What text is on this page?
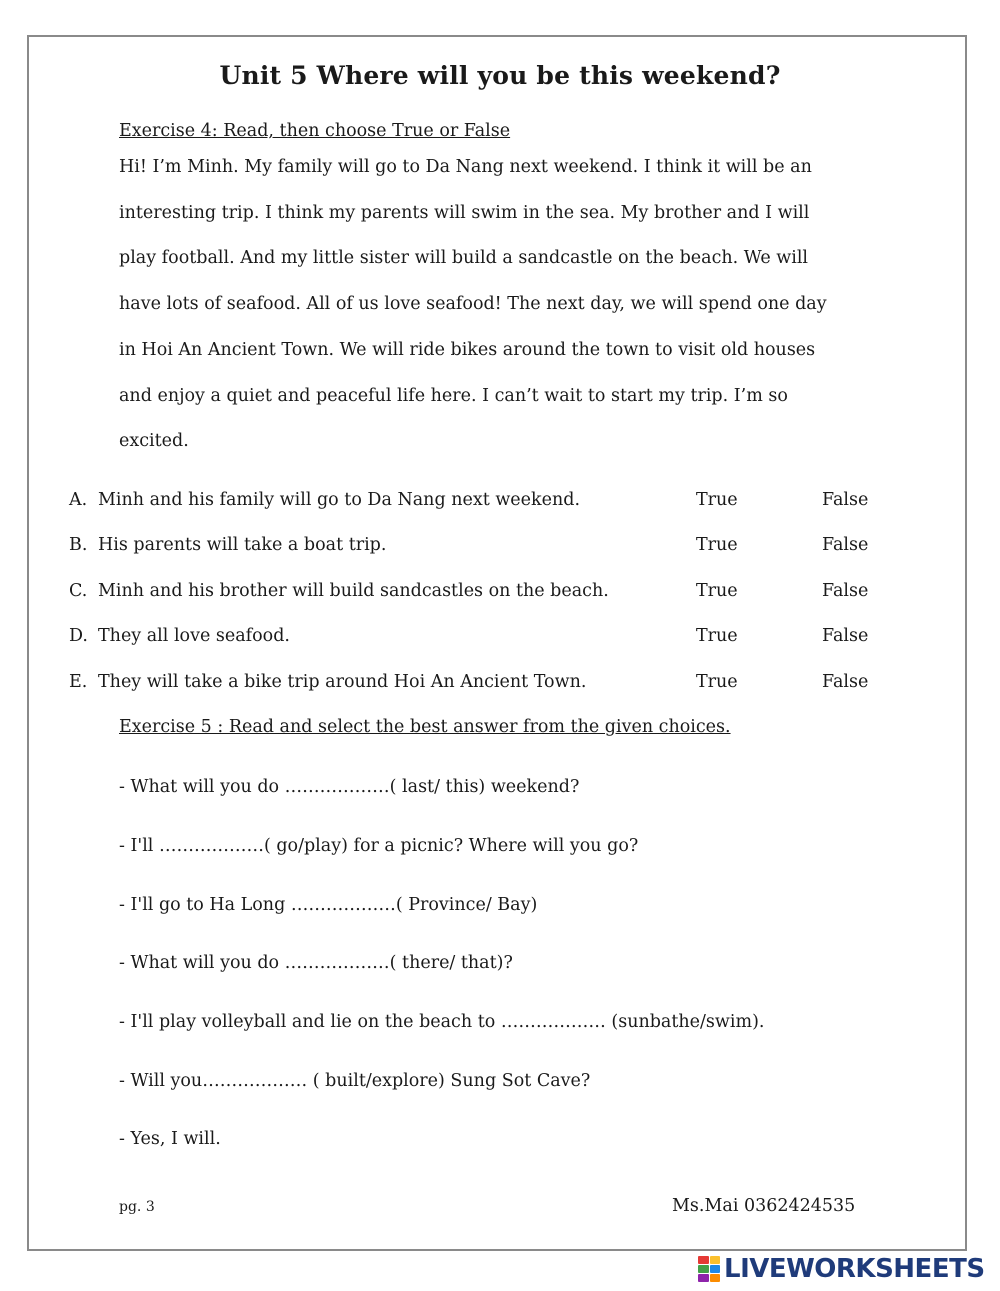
Unit 5 Where will you be this weekend?
Exercise 4: Read, then choose True or False
Hi! I’m Minh. My family will go to Da Nang next weekend. I think it will be an
interesting trip. I think my parents will swim in the sea. My brother and I will
play football. And my little sister will build a sandcastle on the beach. We will
have lots of seafood. All of us love seafood! The next day, we will spend one day
in Hoi An Ancient Town. We will ride bikes around the town to visit old houses
and enjoy a quiet and peaceful life here. I can’t wait to start my trip. I’m so
excited.
A. Minh and his family will go to Da Nang next weekend.	True	False
B. His parents will take a boat trip.	True	False
C. Minh and his brother will build sandcastles on the beach.	True	False
D. They all love seafood.	True	False
E. They will take a bike trip around Hoi An Ancient Town.	True	False
Exercise 5 : Read and select the best answer from the given choices.
- What will you do ………………( last/ this) weekend?
- I'll ………………( go/play) for a picnic? Where will you go?
- I'll go to Ha Long ………………( Province/ Bay)
- What will you do ………………( there/ that)?
- I'll play volleyball and lie on the beach to ……………… (sunbathe/swim).
- Will you……………… ( built/explore) Sung Sot Cave?
- Yes, I will.
pg. 3	Ms.Mai 0362424535
LIVEWORKSHEETS
